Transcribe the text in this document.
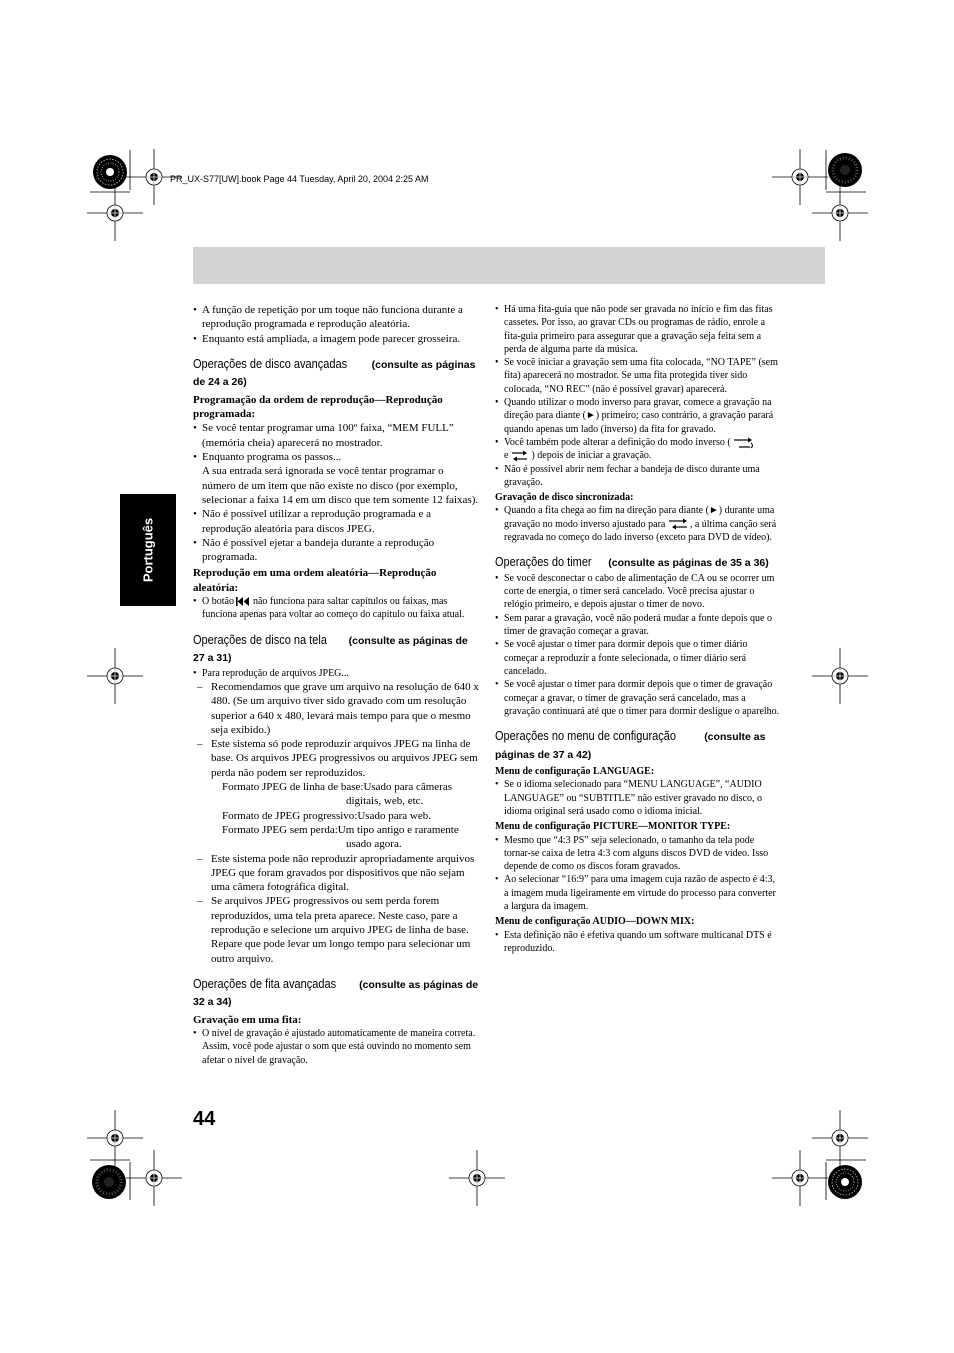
PR_UX-S77[UW].book Page 44 Tuesday, April 20, 2004 2:25 AM
Português

• A função de repetição por um toque não funciona durante a reprodução programada e reprodução aleatória.

• Enquanto está ampliada, a imagem pode parecer grosseira.

Operações de disco avançadas (consulte as páginas de 24 a 26)

Programação da ordem de reprodução—Reprodução programada:

• Se você tentar programar uma 100º faixa, “MEM FULL” (memória cheia) aparecerá no mostrador.

• Enquanto programa os passos...

A sua entrada será ignorada se você tentar programar o número de um item que não existe no disco (por exemplo, selecionar a faixa 14 em um disco que tem somente 12 faixas).

• Não é possível utilizar a reprodução programada e a reprodução aleatória para discos JPEG.

• Não é possível ejetar a bandeja durante a reprodução programada.

Reprodução em uma ordem aleatória—Reprodução aleatória:

• O botão não funciona para saltar capítulos ou faixas, mas funciona apenas para voltar ao começo do capítulo ou faixa atual.

Operações de disco na tela (consulte as páginas de 27 a 31)

• Para reprodução de arquivos JPEG...

– Recomendamos que grave um arquivo na resolução de 640 x 480. (Se um arquivo tiver sido gravado com um resolução superior a 640 x 480, levará mais tempo para que o mesmo seja exibido.)

– Este sistema só pode reproduzir arquivos JPEG na linha de base. Os arquivos JPEG progressivos ou arquivos JPEG sem perda não podem ser reproduzidos.

Formato JPEG de linha de base:Usado para câmeras
digitais, web, etc.

Formato de JPEG progressivo:Usado para web.

Formato JPEG sem perda:Um tipo antigo e raramente
usado agora.

– Este sistema pode não reproduzir apropriadamente arquivos JPEG que foram gravados por dispositivos que não sejam uma câmera fotográfica digital.

– Se arquivos JPEG progressivos ou sem perda forem reproduzidos, uma tela preta aparece. Neste caso, pare a reprodução e selecione um arquivo JPEG de linha de base. Repare que pode levar um longo tempo para selecionar um outro arquivo.

Operações de fita avançadas (consulte as páginas de 32 a 34)

Gravação em uma fita:

• O nível de gravação é ajustado automaticamente de maneira correta. Assim, você pode ajustar o som que está ouvindo no momento sem afetar o nível de gravação.

• Há uma fita-guia que não pode ser gravada no início e fim das fitas cassetes. Por isso, ao gravar CDs ou programas de rádio, enrole a fita-guia primeiro para assegurar que a gravação seja feita sem a perda de alguma parte da música.

• Se você iniciar a gravação sem uma fita colocada, “NO TAPE” (sem fita) aparecerá no mostrador. Se uma fita protegida tiver sido colocada, “NO REC” (não é possível gravar) aparecerá.

• Quando utilizar o modo inverso para gravar, comece a gravação na direção para diante (►) primeiro; caso contrário, a gravação parará quando apenas um lado (inverso) da fita for gravado.

• Você também pode alterar a definição do modo inverso (
e ) depois de iniciar a gravação.

• Não é possível abrir nem fechar a bandeja de disco durante uma gravação.

Gravação de disco sincronizada:

• Quando a fita chega ao fim na direção para diante (►) durante uma gravação no modo inverso ajustado para , a última canção será regravada no começo do lado inverso (exceto para DVD de vídeo).

Operações do timer (consulte as páginas de 35 a 36)

• Se você desconectar o cabo de alimentação de CA ou se ocorrer um corte de energia, o timer será cancelado. Você precisa ajustar o relógio primeiro, e depois ajustar o timer de novo.

• Sem parar a gravação, você não poderá mudar a fonte depois que o timer de gravação começar a gravar.

• Se você ajustar o timer para dormir depois que o timer diário começar a reproduzir a fonte selecionada, o timer diário será cancelado.

• Se você ajustar o timer para dormir depois que o timer de gravação começar a gravar, o timer de gravação será cancelado, mas a gravação continuará até que o timer para dormir desligue o aparelho.

Operações no menu de configuração	(consulte as páginas de 37 a 42)

Menu de configuração LANGUAGE:

• Se o idioma selecionado para “MENU LANGUAGE”, “AUDIO LANGUAGE” ou “SUBTITLE” não estiver gravado no disco, o idioma original será usado como o idioma inicial.

Menu de configuração PICTURE—MONITOR TYPE:

• Mesmo que “4:3 PS” seja selecionado, o tamanho da tela pode tornar-se caixa de letra 4:3 com alguns discos DVD de vídeo. Isso depende de como os discos foram gravados.

• Ao selecionar “16:9” para uma imagem cuja razão de aspecto é 4:3, a imagem muda ligeiramente em virtude do processo para converter a largura da imagem.

Menu de configuração AUDIO—DOWN MIX:

• Esta definição não é efetiva quando um software multicanal DTS é reproduzido.

44
